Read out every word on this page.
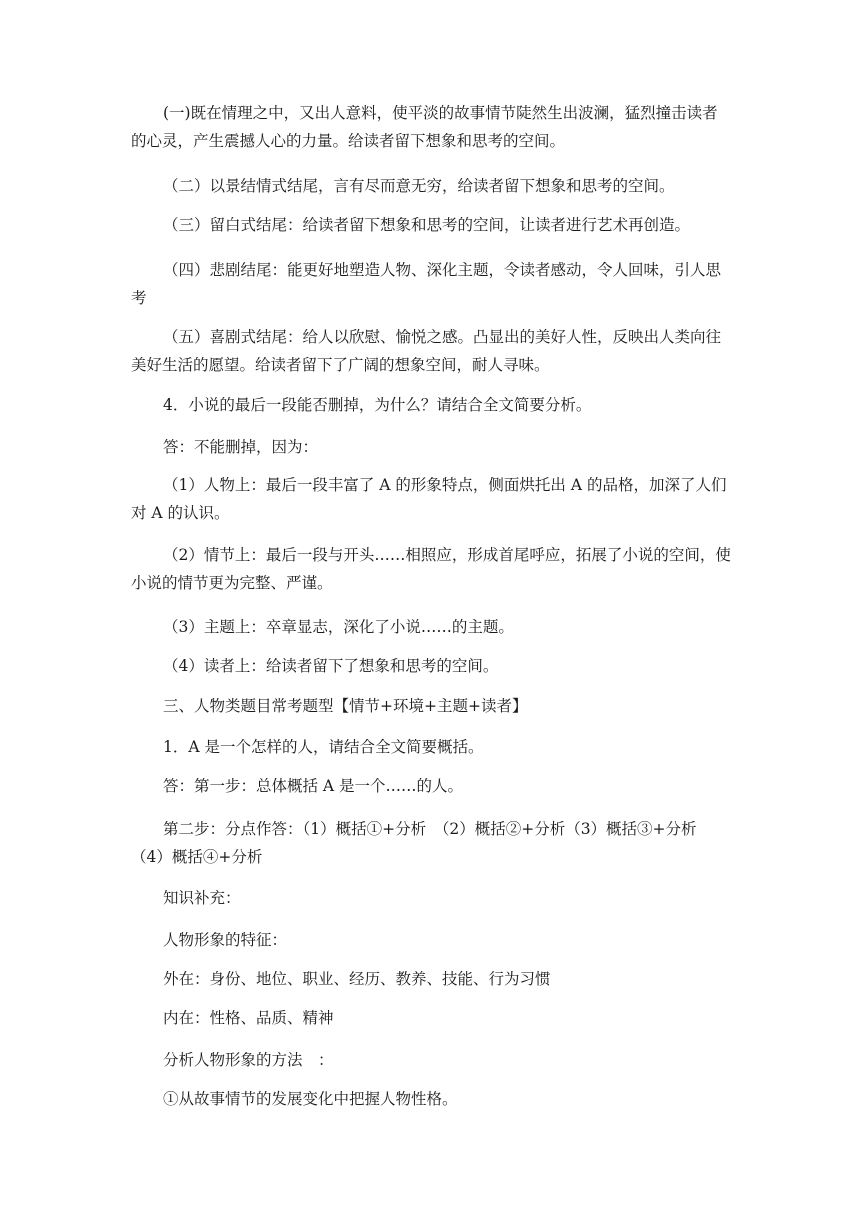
(一)既在情理之中，又出人意料，使平淡的故事情节陡然生出波澜，猛烈撞击读者的心灵，产生震撼人心的力量。给读者留下想象和思考的空间。

（二）以景结情式结尾，言有尽而意无穷，给读者留下想象和思考的空间。

（三）留白式结尾：给读者留下想象和思考的空间，让读者进行艺术再创造。

（四）悲剧结尾：能更好地塑造人物、深化主题，令读者感动，令人回味，引人思考

（五）喜剧式结尾：给人以欣慰、愉悦之感。凸显出的美好人性，反映出人类向往美好生活的愿望。给读者留下了广阔的想象空间，耐人寻味。

4．小说的最后一段能否删掉，为什么？请结合全文简要分析。

答：不能删掉，因为：

（1）人物上：最后一段丰富了 A 的形象特点，侧面烘托出 A 的品格，加深了人们对 A 的认识。

（2）情节上：最后一段与开头……相照应，形成首尾呼应，拓展了小说的空间，使小说的情节更为完整、严谨。

（3）主题上：卒章显志，深化了小说……的主题。

（4）读者上：给读者留下了想象和思考的空间。

三、人物类题目常考题型【情节+环境+主题+读者】

1．A 是一个怎样的人，请结合全文简要概括。

答：第一步：总体概括 A 是一个……的人。

第二步：分点作答：（1）概括①+分析　（2）概括②+分析（3）概括③+分析　（4）概括④+分析

知识补充：

人物形象的特征：

外在：身份、地位、职业、经历、教养、技能、行为习惯

内在：性格、品质、精神

分析人物形象的方法　：

①从故事情节的发展变化中把握人物性格。
